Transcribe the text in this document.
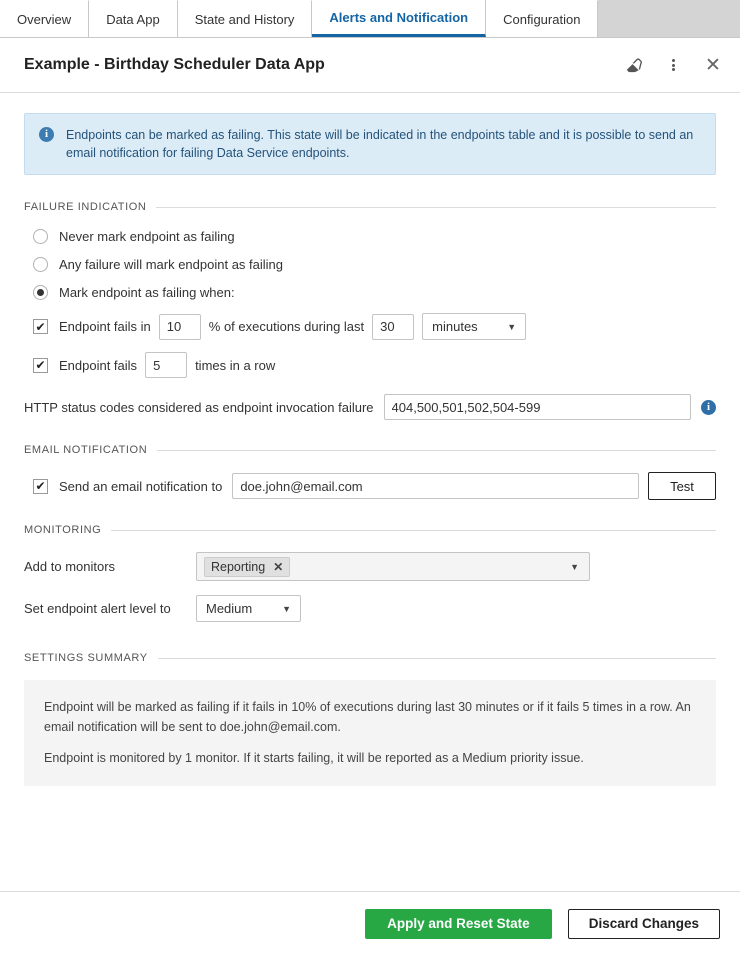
Overview	Data App	State and History	Alerts and Notification	Configuration
Example - Birthday Scheduler Data App	✕
i	Endpoints can be marked as failing. This state will be indicated in the endpoints table and it is possible to send an email notification for failing Data Service endpoints.
FAILURE INDICATION
Never mark endpoint as failing
Any failure will mark endpoint as failing
Mark endpoint as failing when:
✔ Endpoint fails in
10	% of executions during last
30	minutes	▼
✔ Endpoint fails
5	times in a row
HTTP status codes considered as endpoint invocation failure
404,500,501,502,504-599	i
EMAIL NOTIFICATION
✔ Send an email notification to
doe.john@email.com	Test
MONITORING
Add to monitors	Reporting ✕	▼
Set endpoint alert level to	Medium	▼
SETTINGS SUMMARY

Endpoint will be marked as failing if it fails in 10% of executions during last 30 minutes or if it fails 5 times in a row. An email notification will be sent to doe.john@email.com.

Endpoint is monitored by 1 monitor. If it starts failing, it will be reported as a Medium priority issue.

Apply and Reset State	Discard Changes
